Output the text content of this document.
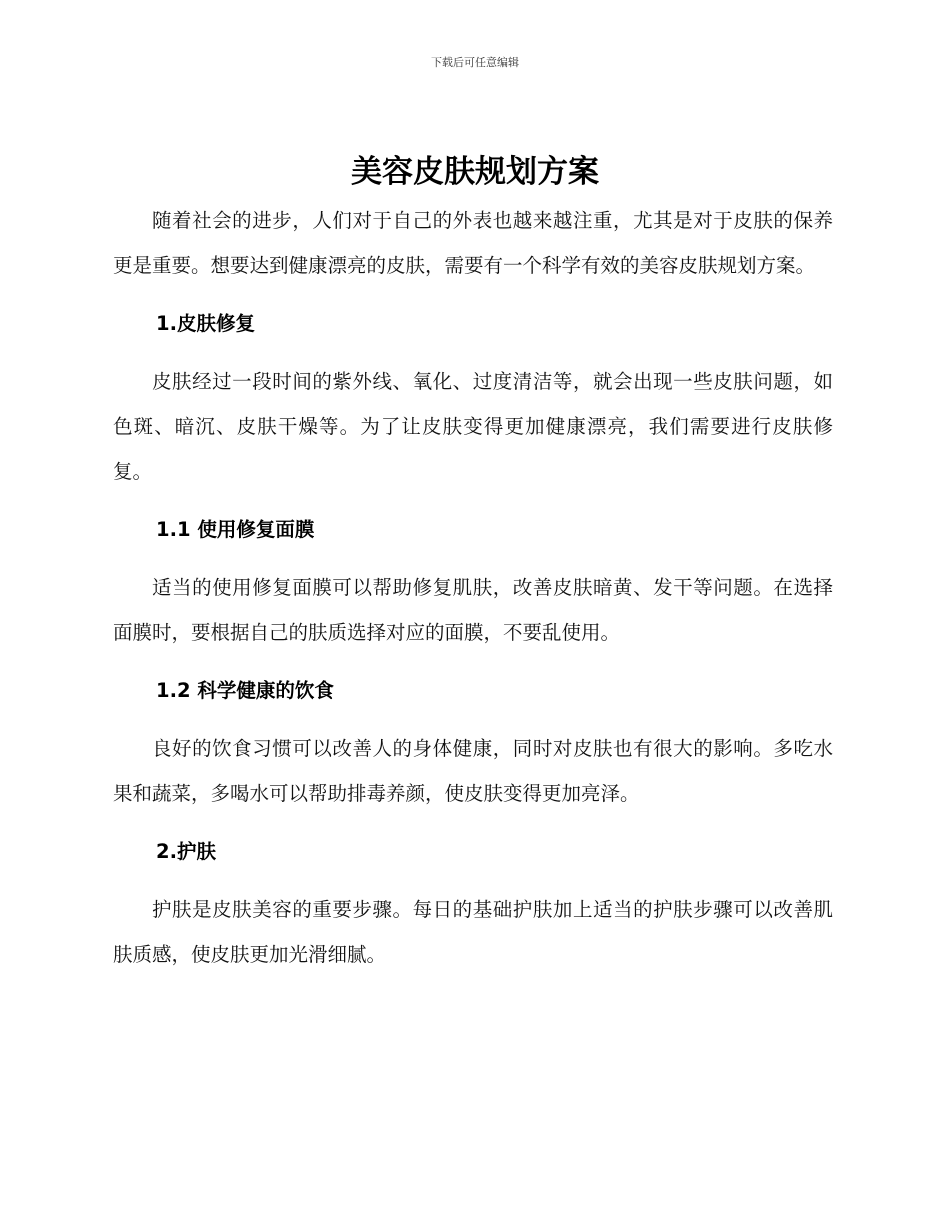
下载后可任意编辑
美容皮肤规划方案

随着社会的进步，人们对于自己的外表也越来越注重，尤其是对于皮肤的保养更是重要。想要达到健康漂亮的皮肤，需要有一个科学有效的美容皮肤规划方案。

1.皮肤修复

皮肤经过一段时间的紫外线、氧化、过度清洁等，就会出现一些皮肤问题，如色斑、暗沉、皮肤干燥等。为了让皮肤变得更加健康漂亮，我们需要进行皮肤修复。

1.1 使用修复面膜

适当的使用修复面膜可以帮助修复肌肤，改善皮肤暗黄、发干等问题。在选择面膜时，要根据自己的肤质选择对应的面膜，不要乱使用。

1.2 科学健康的饮食

良好的饮食习惯可以改善人的身体健康，同时对皮肤也有很大的影响。多吃水果和蔬菜，多喝水可以帮助排毒养颜，使皮肤变得更加亮泽。

2.护肤

护肤是皮肤美容的重要步骤。每日的基础护肤加上适当的护肤步骤可以改善肌肤质感，使皮肤更加光滑细腻。
